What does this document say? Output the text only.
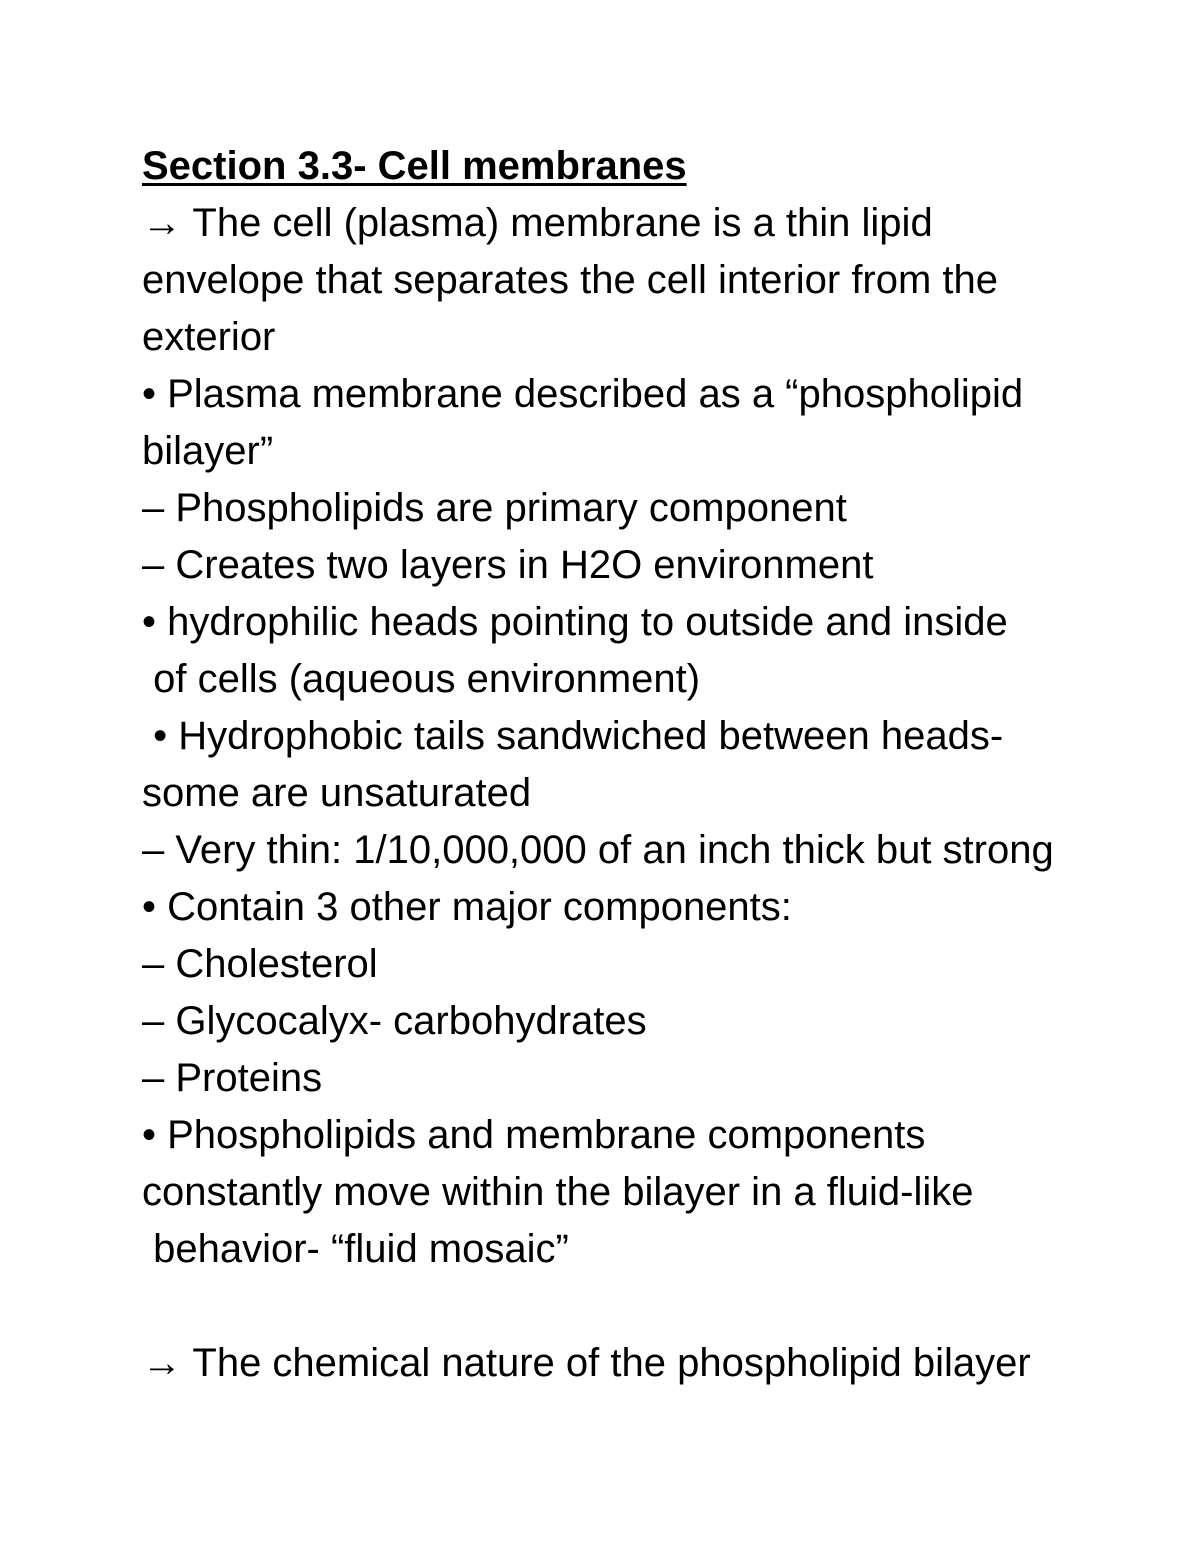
Section 3.3- Cell membranes
→ The cell (plasma) membrane is a thin lipid
envelope that separates the cell interior from the
exterior
• Plasma membrane described as a “phospholipid
bilayer”
– Phospholipids are primary component
– Creates two layers in H2O environment
• hydrophilic heads pointing to outside and inside
of cells (aqueous environment)
• Hydrophobic tails sandwiched between heads-
some are unsaturated
– Very thin: 1/10,000,000 of an inch thick but strong
• Contain 3 other major components:
– Cholesterol
– Glycocalyx- carbohydrates
– Proteins
• Phospholipids and membrane components
constantly move within the bilayer in a fluid-like
behavior- “fluid mosaic”
→ The chemical nature of the phospholipid bilayer
